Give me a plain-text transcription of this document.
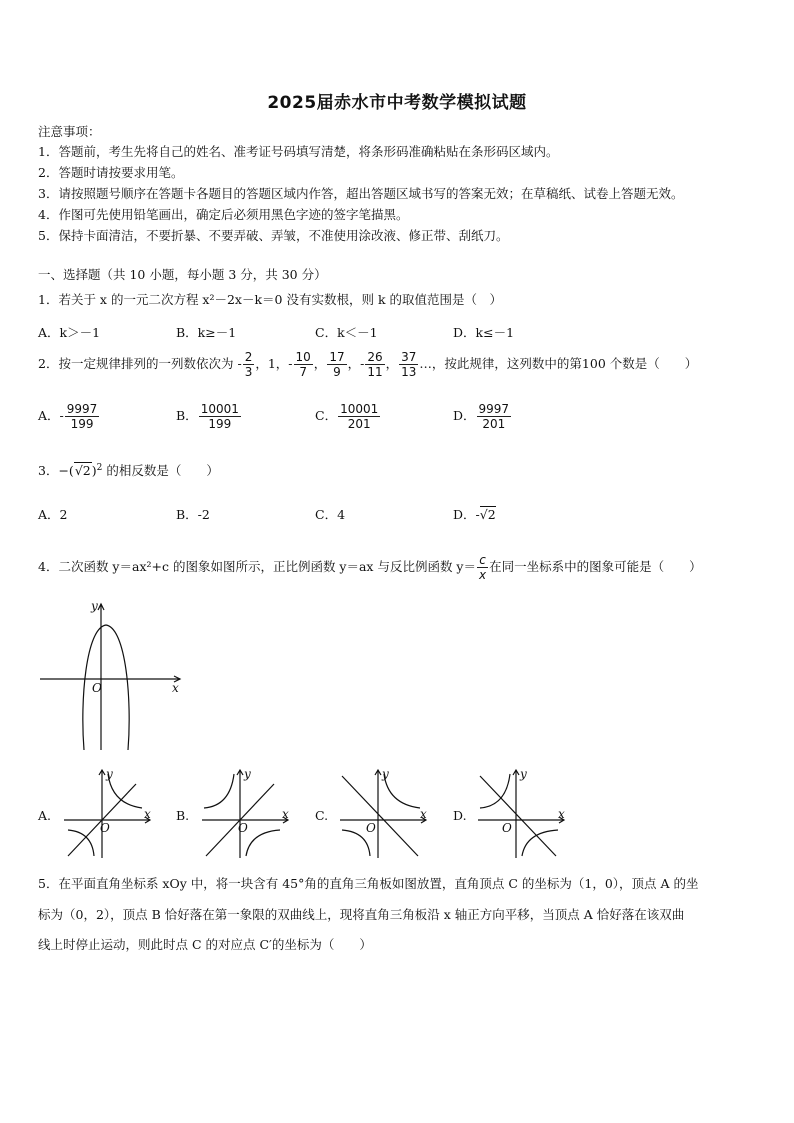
2025届赤水市中考数学模拟试题
注意事项：
1．答题前，考生先将自己的姓名、准考证号码填写清楚，将条形码准确粘贴在条形码区域内。
2．答题时请按要求用笔。
3．请按照题号顺序在答题卡各题目的答题区域内作答，超出答题区域书写的答案无效；在草稿纸、试卷上答题无效。
4．作图可先使用铅笔画出，确定后必须用黑色字迹的签字笔描黑。
5．保持卡面清洁，不要折暴、不要弄破、弄皱，不准使用涂改液、修正带、刮纸刀。
一、选择题（共 10 小题，每小题 3 分，共 30 分）
1．若关于 x 的一元二次方程 x²－2x－k＝0 没有实数根，则 k 的取值范围是（　）
A．k＞－1	B．k≥－1	C．k＜－1	D．k≤－1
2．按一定规律排列的一列数依次为 - $\frac{2}{3}$ ，1，- $\frac{10}{7}$ ， $\frac{17}{9}$ ，- $\frac{26}{11}$ ， $\frac{37}{13}$ …，按此规律，这列数中的第100 个数是（　　）
A．- $\frac{9997}{199}$	B． $\frac{10001}{199}$	C． $\frac{10001}{201}$	D． $\frac{9997}{201}$
3．$-(√2)^2$ 的相反数是（　　）
A．2	B．-2	C．4	D．-√2
4．二次函数 y＝ax²+c 的图象如图所示，正比例函数 y＝ax 与反比例函数 $y= \frac{c}{x}$ 在同一坐标系中的图象可能是（　　）
y
x
O
A.	B.	C.	D.
y
x
O
y
x
O
y
x
O
y
x
O
5．在平面直角坐标系 xOy 中，将一块含有 45°角的直角三角板如图放置，直角顶点 C 的坐标为（1，0），顶点 A 的坐
标为（0，2），顶点 B 恰好落在第一象限的双曲线上，现将直角三角板沿 x 轴正方向平移，当顶点 A 恰好落在该双曲
线上时停止运动，则此时点 C 的对应点 C′的坐标为（　　）
